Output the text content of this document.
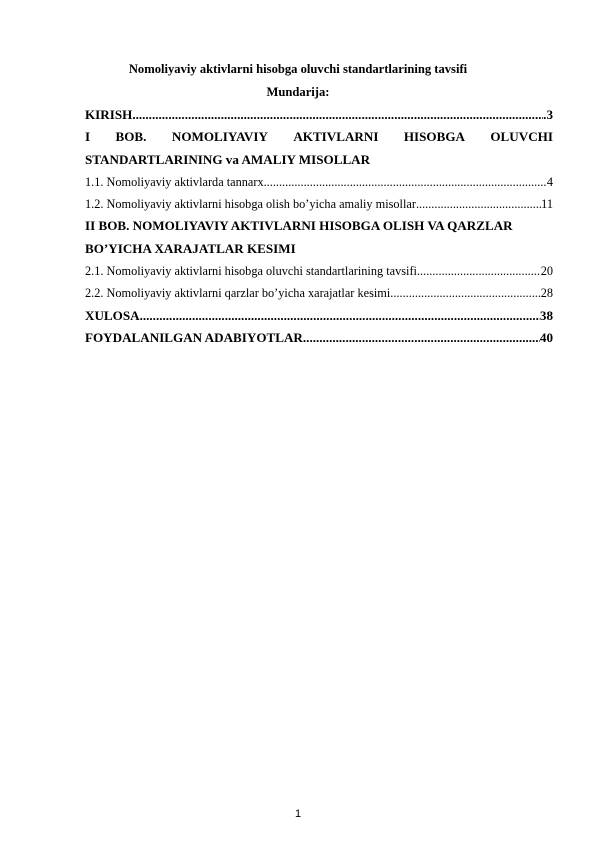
Nomoliyaviy aktivlarni hisobga oluvchi standartlarining tavsifi
Mundarija:
KIRISH .....	.3
I BOB. NOMOLIYAVIY AKTIVLARNI HISOBGA OLUVCHI
STANDARTLARINING va AMALIY MISOLLAR
1.1. Nomoliyaviy aktivlarda tannarx .....	4
1.2. Nomoliyaviy aktivlarni hisobga olish bo’yicha amaliy misollar .....	11
II BOB. NOMOLIYAVIY AKTIVLARNI HISOBGA OLISH VA QARZLAR
BO’YICHA XARAJATLAR KESIMI
2.1. Nomoliyaviy aktivlarni hisobga oluvchi standartlarining tavsifi .....	20
2.2. Nomoliyaviy aktivlarni qarzlar bo’yicha xarajatlar kesimi .....	28
XULOSA .....	38
FOYDALANILGAN ADABIYOTLAR .....	40
1
